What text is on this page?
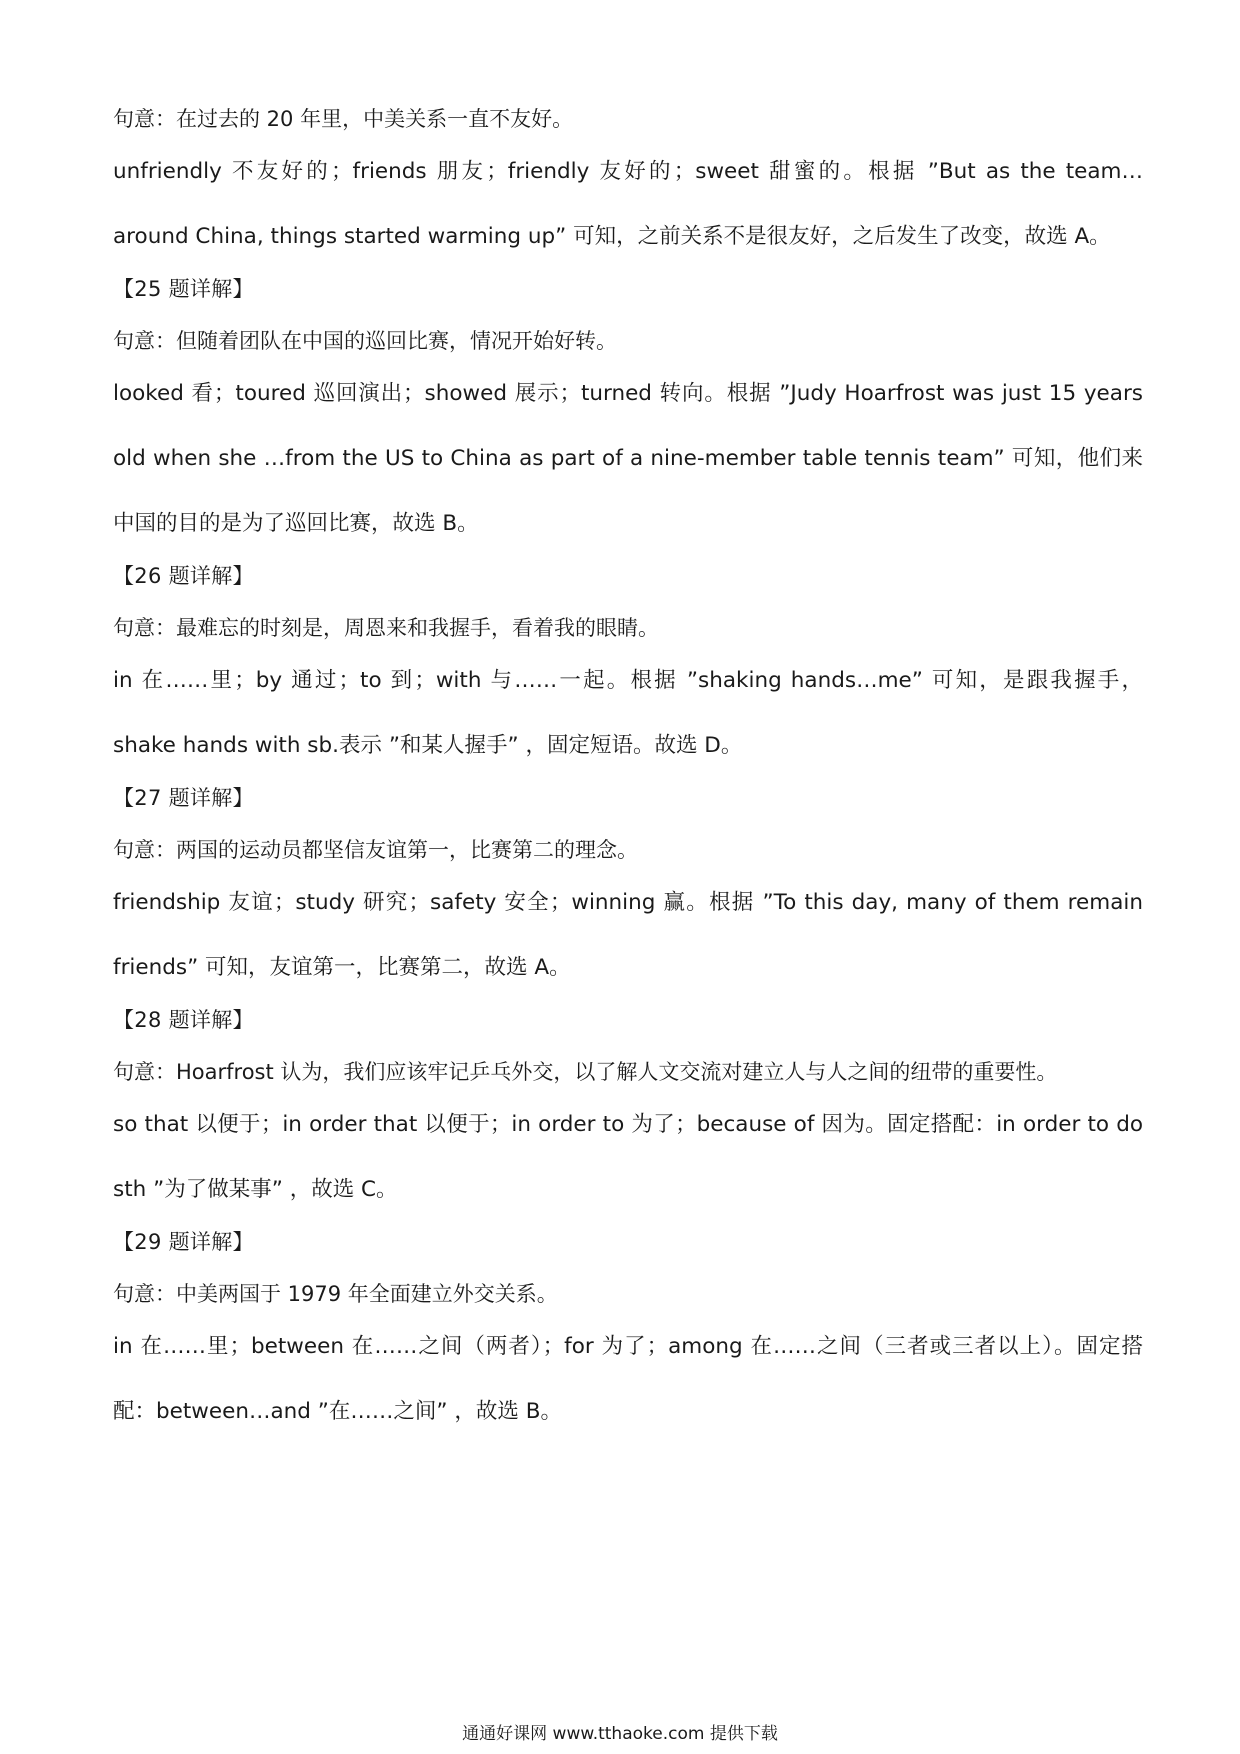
句意：在过去的 20 年里，中美关系一直不友好。

unfriendly 不友好的；friends 朋友；friendly 友好的；sweet 甜蜜的。根据 ”But as the team…around China, things started warming up” 可知，之前关系不是很友好，之后发生了改变，故选 A。

【25 题详解】

句意：但随着团队在中国的巡回比赛，情况开始好转。

looked 看；toured 巡回演出；showed 展示；turned 转向。根据 ”Judy Hoarfrost was just 15 years old when she …from the US to China as part of a nine-member table tennis team” 可知，他们来中国的目的是为了巡回比赛，故选 B。

【26 题详解】

句意：最难忘的时刻是，周恩来和我握手，看着我的眼睛。

in 在……里；by 通过；to 到；with 与……一起。根据 ”shaking hands…me” 可知，是跟我握手，shake hands with sb.表示 ”和某人握手” ，固定短语。故选 D。

【27 题详解】

句意：两国的运动员都坚信友谊第一，比赛第二的理念。

friendship 友谊；study 研究；safety 安全；winning 赢。根据 ”To this day, many of them remain friends” 可知，友谊第一，比赛第二，故选 A。

【28 题详解】

句意：Hoarfrost 认为，我们应该牢记乒乓外交，以了解人文交流对建立人与人之间的纽带的重要性。

so that 以便于；in order that 以便于；in order to 为了；because of 因为。固定搭配：in order to do sth ”为了做某事” ，故选 C。

【29 题详解】

句意：中美两国于 1979 年全面建立外交关系。

in 在……里；between 在……之间（两者）；for 为了；among 在……之间（三者或三者以上）。固定搭配：between…and ”在……之间” ，故选 B。

通通好课网 www.tthaoke.com 提供下载
